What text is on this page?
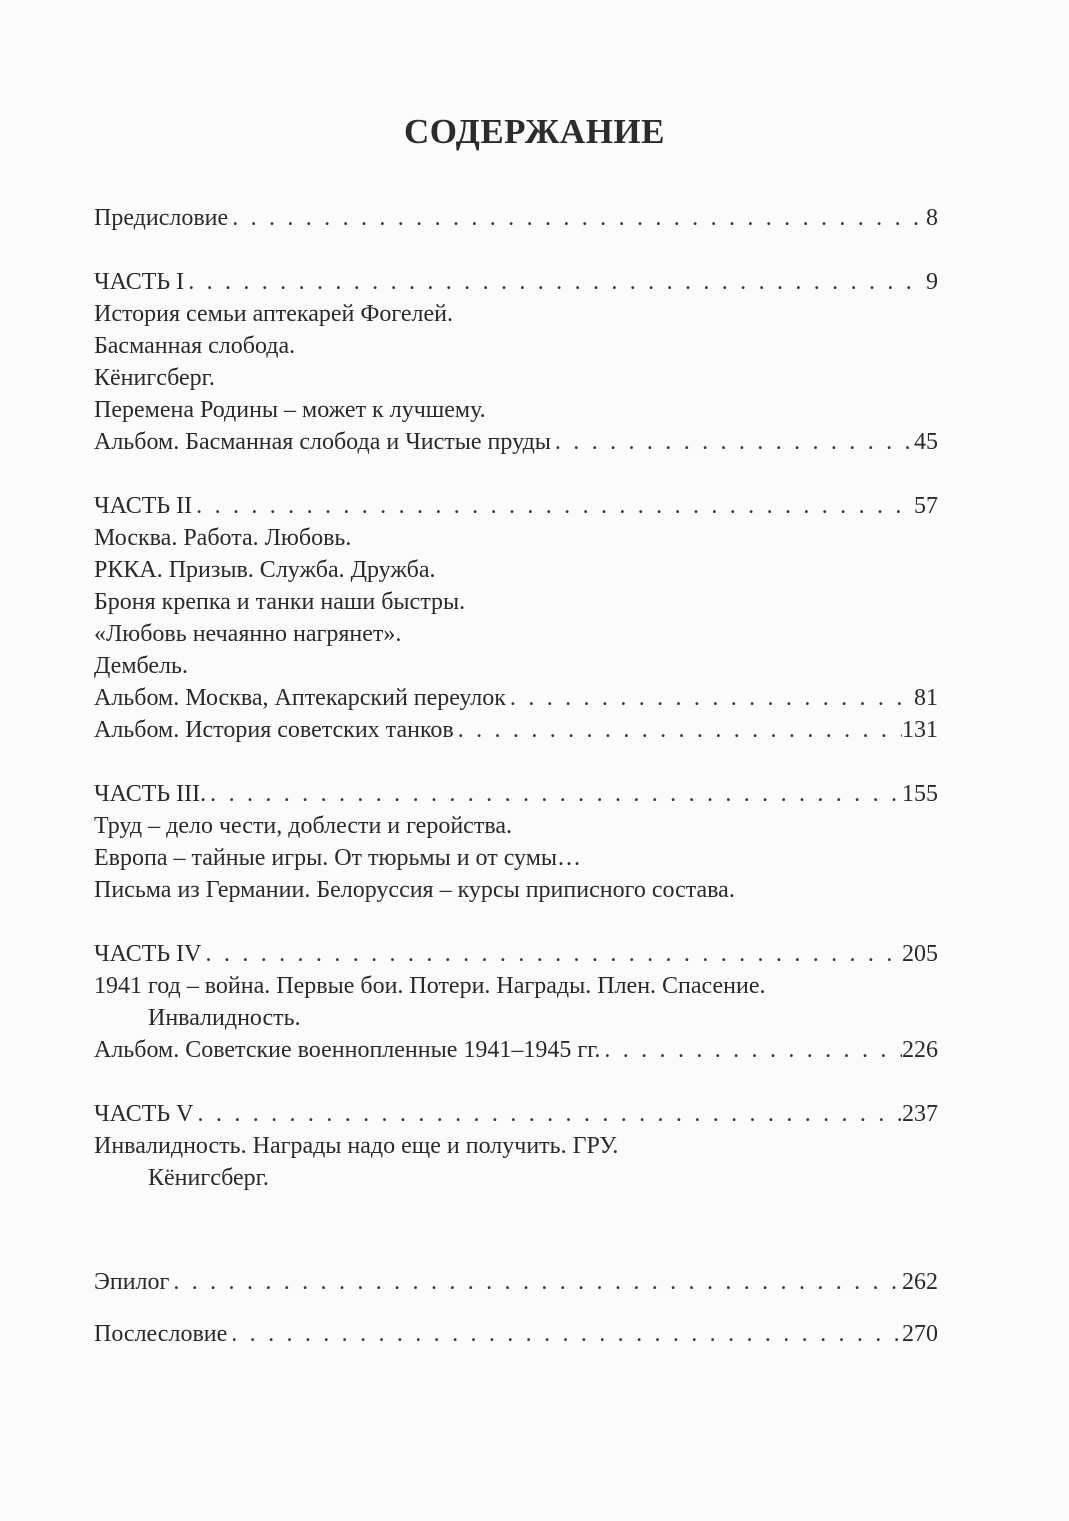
СОДЕРЖАНИЕ
Предисловие . . .	8
ЧАСТЬ I . . .	9
История семьи аптекарей Фогелей.
Басманная слобода.
Кёнигсберг.
Перемена Родины – может к лучшему.
Альбом. Басманная слобода и Чистые пруды . . .	45
ЧАСТЬ II . . .	57
Москва. Работа. Любовь.
РККА. Призыв. Служба. Дружба.
Броня крепка и танки наши быстры.
«Любовь нечаянно нагрянет».
Дембель.
Альбом. Москва, Аптекарский переулок . . .	81
Альбом. История советских танков . . .	131
ЧАСТЬ III. . . .	155
Труд – дело чести, доблести и геройства.
Европа – тайные игры. От тюрьмы и от сумы…
Письма из Германии. Белоруссия – курсы приписного состава.
ЧАСТЬ IV . . .	205
1941 год – война. Первые бои. Потери. Награды. Плен. Спасение.
Инвалидность.
Альбом. Советские военнопленные 1941–1945 гг. . . .	226
ЧАСТЬ V . . .	237
Инвалидность. Награды надо еще и получить. ГРУ.
Кёнигсберг.
Эпилог . . .	262
Послесловие . . .	270
